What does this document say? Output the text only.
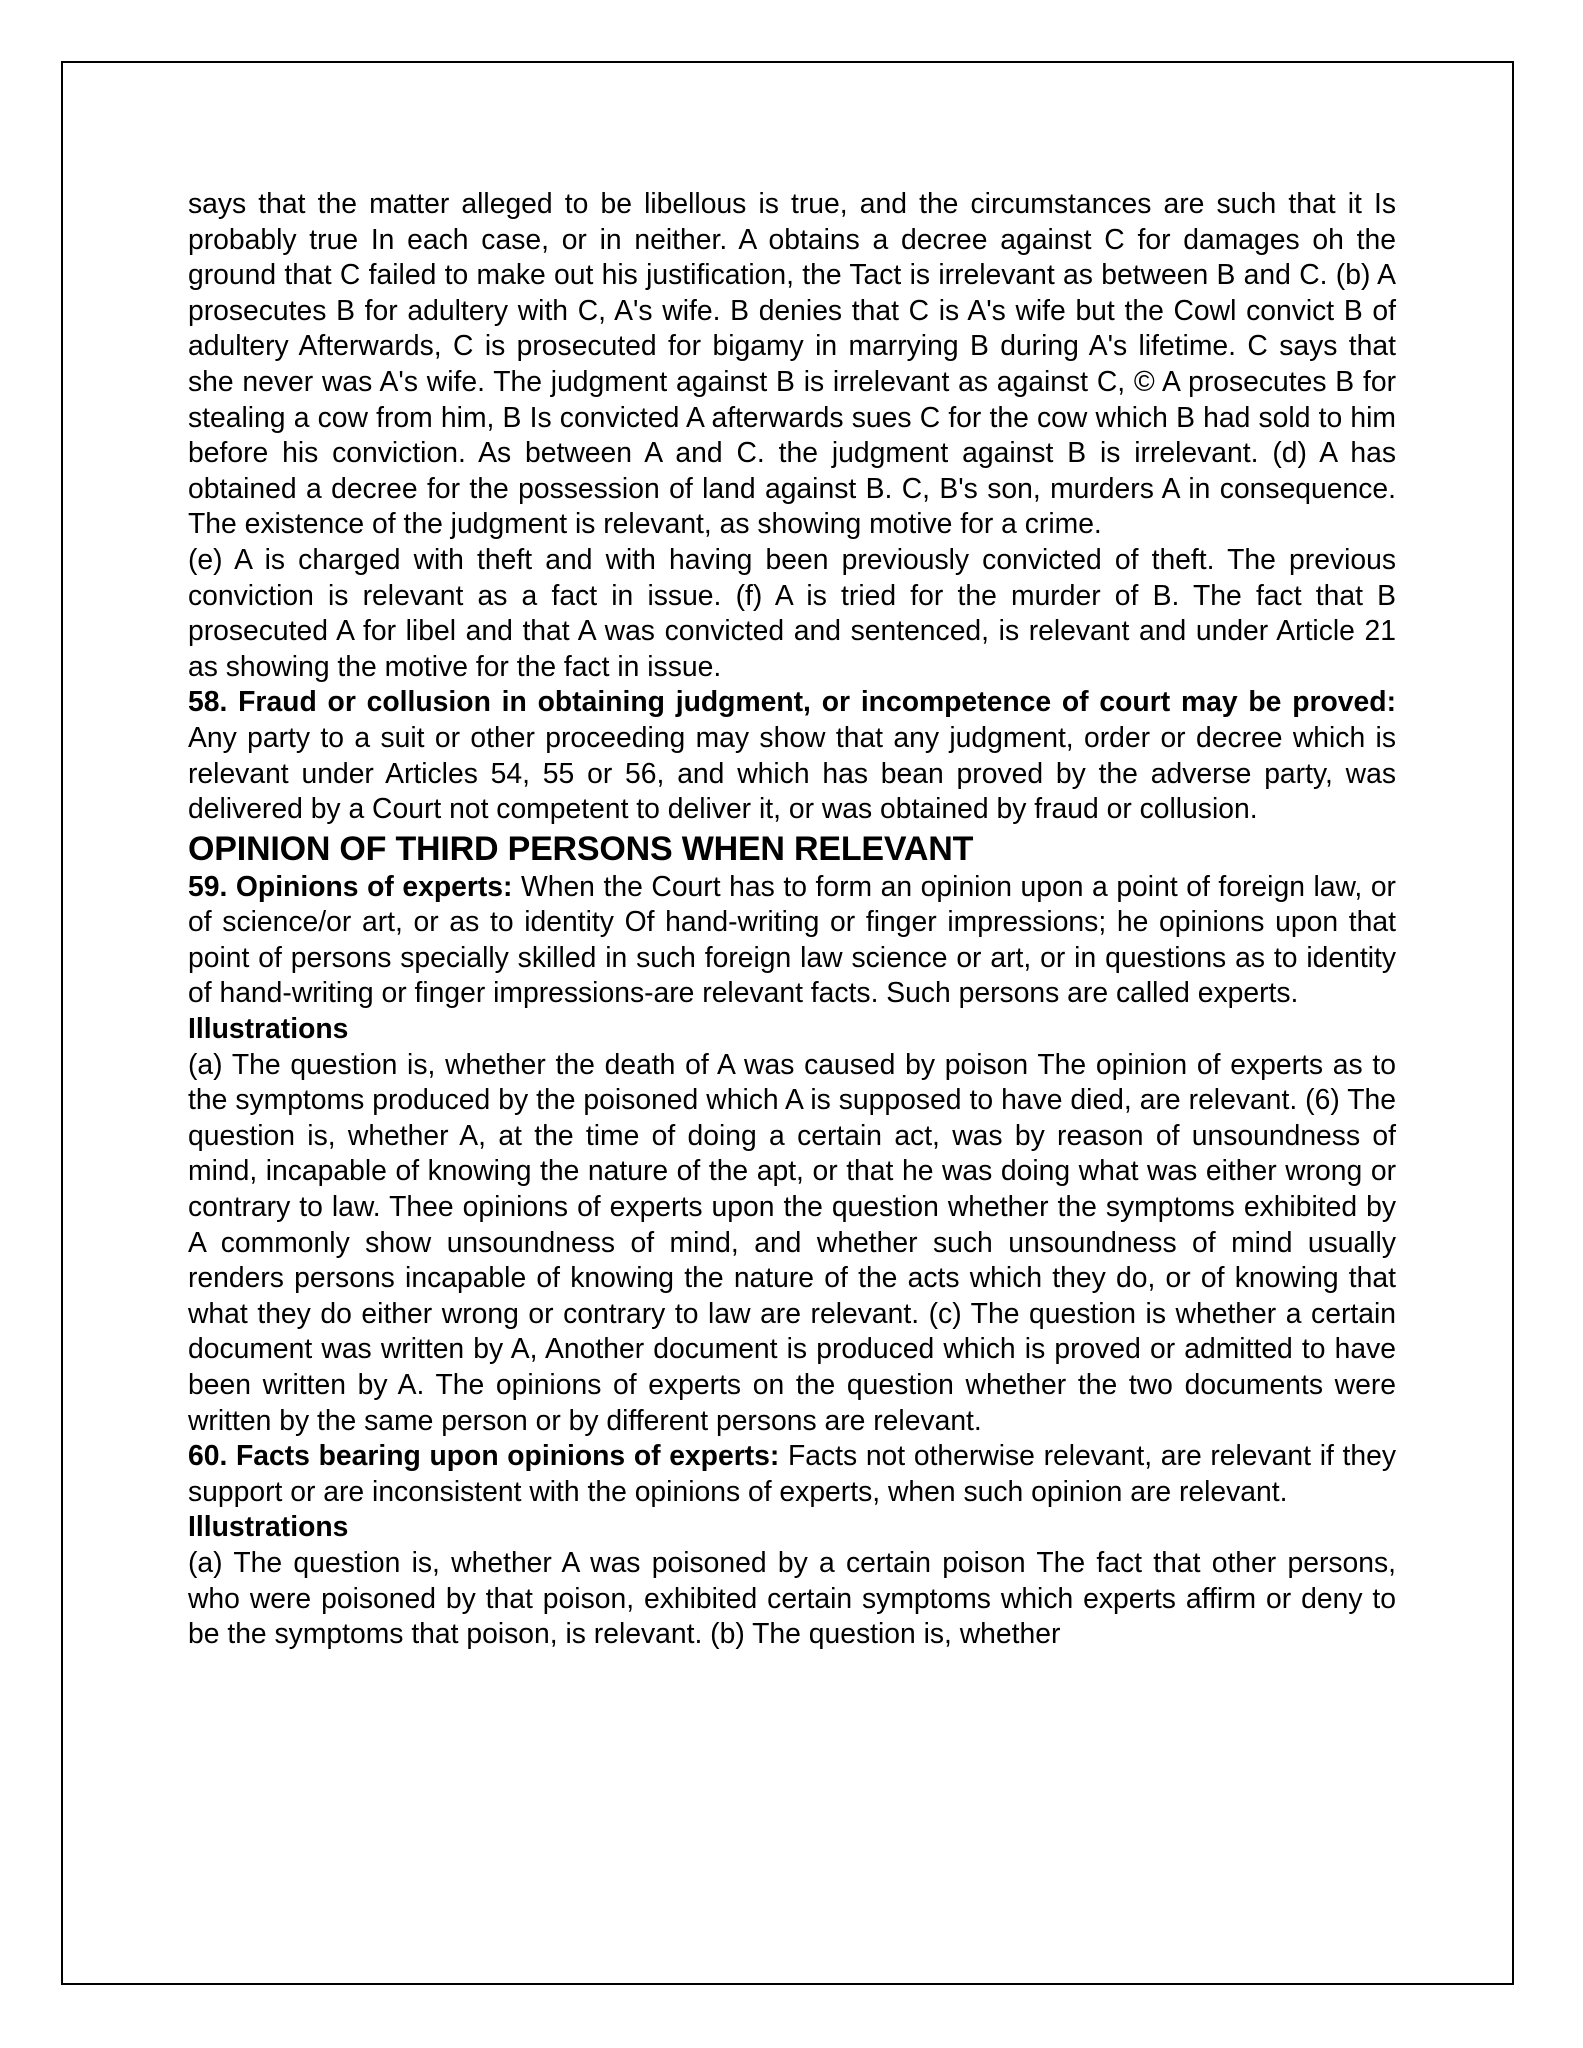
says that the matter alleged to be libellous is true, and the circumstances are such that it Is probably true In each case, or in neither. A obtains a decree against C for damages oh the ground that C failed to make out his justification, the Tact is irrelevant as between B and C. (b) A prosecutes B for adultery with C, A's wife. B denies that C is A's wife but the Cowl convict B of adultery Afterwards, C is prosecuted for bigamy in marrying B during A's lifetime. C says that she never was A's wife. The judgment against B is irrelevant as against C, © A prosecutes B for stealing a cow from him, B Is convicted A afterwards sues C for the cow which B had sold to him before his conviction. As between A and C. the judgment against B is irrelevant. (d) A has obtained a decree for the possession of land against B. C, B's son, murders A in consequence. The existence of the judgment is relevant, as showing motive for a crime.

(e) A is charged with theft and with having been previously convicted of theft. The previous conviction is relevant as a fact in issue. (f) A is tried for the murder of B. The fact that B prosecuted A for libel and that A was convicted and sentenced, is relevant and under Article 21 as showing the motive for the fact in issue.

58. Fraud or collusion in obtaining judgment, or incompetence of court may be proved: Any party to a suit or other proceeding may show that any judgment, order or decree which is relevant under Articles 54, 55 or 56, and which has bean proved by the adverse party, was delivered by a Court not competent to deliver it, or was obtained by fraud or collusion.

OPINION OF THIRD PERSONS WHEN RELEVANT

59. Opinions of experts: When the Court has to form an opinion upon a point of foreign law, or of science/or art, or as to identity Of hand-writing or finger impressions; he opinions upon that point of persons specially skilled in such foreign law science or art, or in questions as to identity of hand-writing or finger impressions-are relevant facts. Such persons are called experts.

Illustrations

(a) The question is, whether the death of A was caused by poison The opinion of experts as to the symptoms produced by the poisoned which A is supposed to have died, are relevant. (6) The question is, whether A, at the time of doing a certain act, was by reason of unsoundness of mind, incapable of knowing the nature of the apt, or that he was doing what was either wrong or contrary to law. Thee opinions of experts upon the question whether the symptoms exhibited by A commonly show unsoundness of mind, and whether such unsoundness of mind usually renders persons incapable of knowing the nature of the acts which they do, or of knowing that what they do either wrong or contrary to law are relevant. (c) The question is whether a certain document was written by A, Another document is produced which is proved or admitted to have been written by A. The opinions of experts on the question whether the two documents were written by the same person or by different persons are relevant.

60. Facts bearing upon opinions of experts: Facts not otherwise relevant, are relevant if they support or are inconsistent with the opinions of experts, when such opinion are relevant.

Illustrations

(a) The question is, whether A was poisoned by a certain poison The fact that other persons, who were poisoned by that poison, exhibited certain symptoms which experts affirm or deny to be the symptoms that poison, is relevant. (b) The question is, whether
